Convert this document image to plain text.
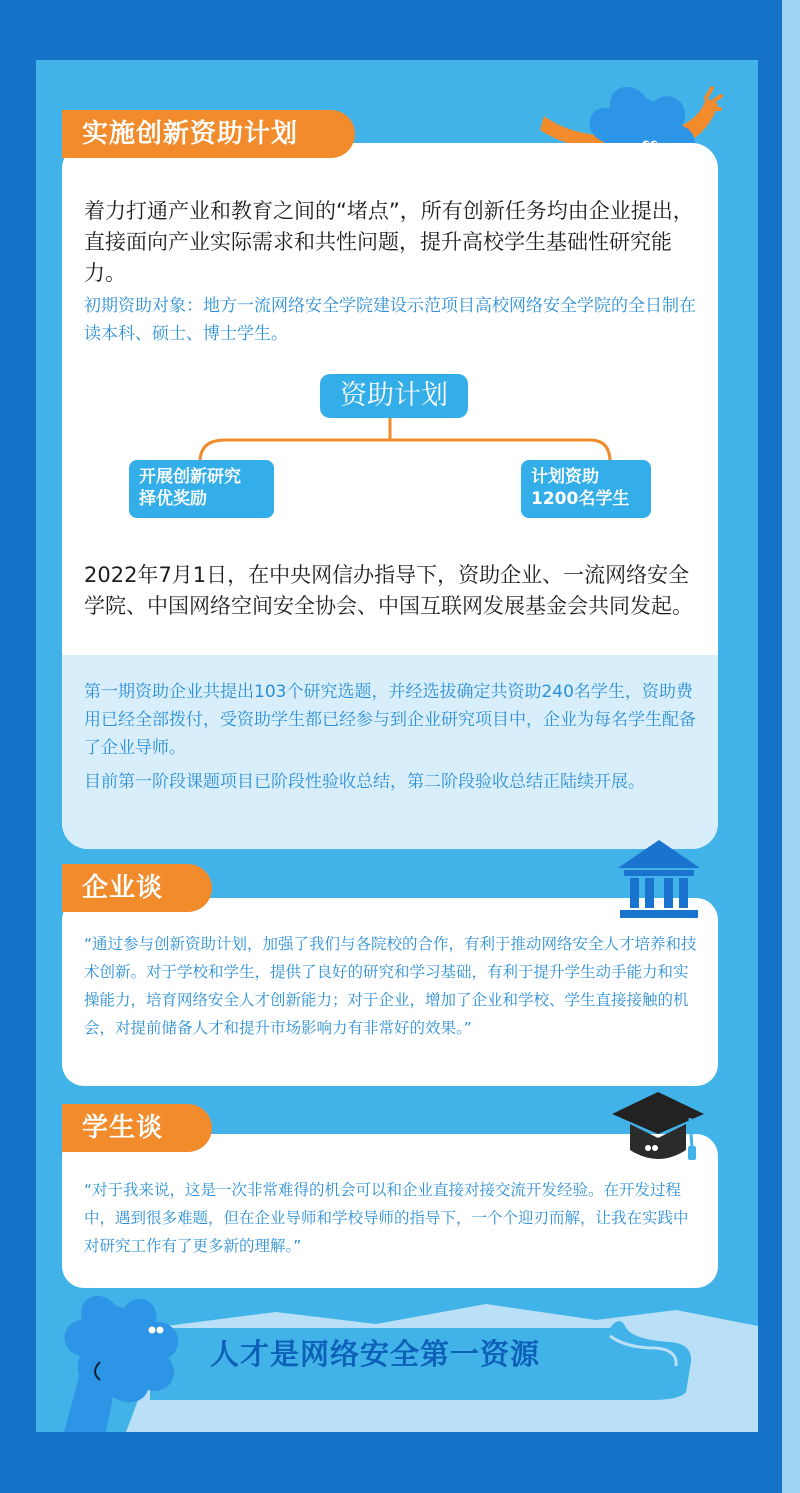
实施创新资助计划
着力打通产业和教育之间的“堵点”，所有创新任务均由企业提出，直接面向产业实际需求和共性问题，提升高校学生基础性研究能力。
初期资助对象：地方一流网络安全学院建设示范项目高校网络安全学院的全日制在读本科、硕士、博士学生。
资助计划
开展创新研究
择优奖励
计划资助
1200名学生
2022年7月1日，在中央网信办指导下，资助企业、一流网络安全学院、中国网络空间安全协会、中国互联网发展基金会共同发起。
第一期资助企业共提出103个研究选题，并经选拔确定共资助240名学生，资助费用已经全部拨付，受资助学生都已经参与到企业研究项目中，企业为每名学生配备了企业导师。
目前第一阶段课题项目已阶段性验收总结，第二阶段验收总结正陆续开展。
企业谈
“通过参与创新资助计划，加强了我们与各院校的合作，有利于推动网络安全人才培养和技术创新。对于学校和学生，提供了良好的研究和学习基础，有利于提升学生动手能力和实操能力，培育网络安全人才创新能力；对于企业，增加了企业和学校、学生直接接触的机会，对提前储备人才和提升市场影响力有非常好的效果。”
学生谈
“对于我来说，这是一次非常难得的机会可以和企业直接对接交流开发经验。在开发过程中，遇到很多难题，但在企业导师和学校导师的指导下，一个个迎刃而解，让我在实践中对研究工作有了更多新的理解。”
人才是网络安全第一资源
